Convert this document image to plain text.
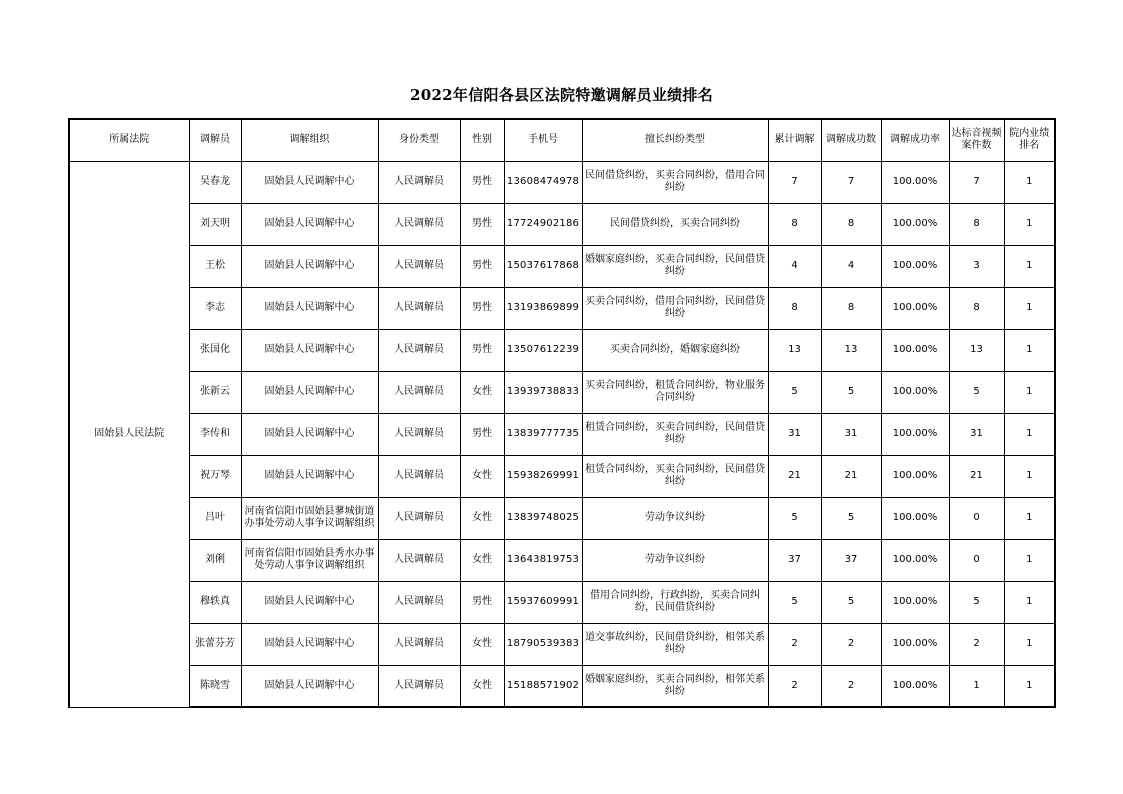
2022年信阳各县区法院特邀调解员业绩排名
所属法院	调解员	调解组织	身份类型	性别	手机号	擅长纠纷类型	累计调解	调解成功数	调解成功率	达标音视频案件数	院内业绩排名
固始县人民法院	吴春龙	固始县人民调解中心	人民调解员	男性	13608474978	民间借贷纠纷，买卖合同纠纷，借用合同纠纷	7	7	100.00%	7	1
	刘天明	固始县人民调解中心	人民调解员	男性	17724902186	民间借贷纠纷，买卖合同纠纷	8	8	100.00%	8	1
	王松	固始县人民调解中心	人民调解员	男性	15037617868	婚姻家庭纠纷，买卖合同纠纷，民间借贷纠纷	4	4	100.00%	3	1
	李志	固始县人民调解中心	人民调解员	男性	13193869899	买卖合同纠纷，借用合同纠纷，民间借贷纠纷	8	8	100.00%	8	1
	张国化	固始县人民调解中心	人民调解员	男性	13507612239	买卖合同纠纷，婚姻家庭纠纷	13	13	100.00%	13	1
	张新云	固始县人民调解中心	人民调解员	女性	13939738833	买卖合同纠纷，租赁合同纠纷，物业服务合同纠纷	5	5	100.00%	5	1
	李传和	固始县人民调解中心	人民调解员	男性	13839777735	租赁合同纠纷，买卖合同纠纷，民间借贷纠纷	31	31	100.00%	31	1
	祝万琴	固始县人民调解中心	人民调解员	女性	15938269991	租赁合同纠纷，买卖合同纠纷，民间借贷纠纷	21	21	100.00%	21	1
	吕叶	河南省信阳市固始县蓼城街道办事处劳动人事争议调解组织	人民调解员	女性	13839748025	劳动争议纠纷	5	5	100.00%	0	1
	刘俐	河南省信阳市固始县秀水办事处劳动人事争议调解组织	人民调解员	女性	13643819753	劳动争议纠纷	37	37	100.00%	0	1
	穆轶真	固始县人民调解中心	人民调解员	男性	15937609991	借用合同纠纷，行政纠纷，买卖合同纠纷，民间借贷纠纷	5	5	100.00%	5	1
	张蕾芬芳	固始县人民调解中心	人民调解员	女性	18790539383	道交事故纠纷，民间借贷纠纷，相邻关系纠纷	2	2	100.00%	2	1
	陈晓雪	固始县人民调解中心	人民调解员	女性	15188571902	婚姻家庭纠纷，买卖合同纠纷，相邻关系纠纷	2	2	100.00%	1	1
